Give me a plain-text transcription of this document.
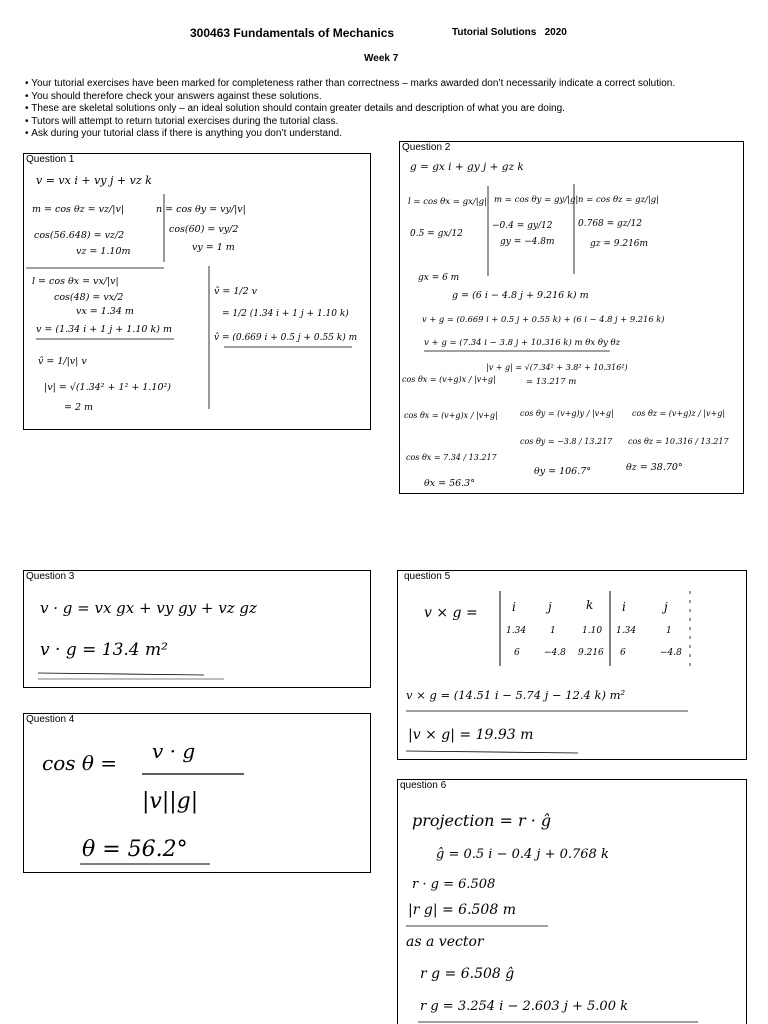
300463 Fundamentals of Mechanics	Tutorial Solutions   2020
Week 7
• Your tutorial exercises have been marked for completeness rather than correctness – marks awarded don’t necessarily indicate a correct solution.
• You should therefore check your answers against these solutions.
• These are skeletal solutions only – an ideal solution should contain greater details and description of what you are doing.
• Tutors will attempt to return tutorial exercises during the tutorial class.
• Ask during your tutorial class if there is anything you don’t understand.
Question 1
v = vx i + vy j + vz k
m = cos θz = vz/|v|
cos(56.648) = vz/2
vz = 1.10m
n = cos θy = vy/|v|
cos(60) = vy/2
vy = 1 m
l = cos θx = vx/|v|
cos(48) = vx/2
vx = 1.34 m
v = (1.34 i + 1 j + 1.10 k) m
v̂ = 1/|v| v
|v| = √(1.34² + 1² + 1.10²)
= 2 m
v̂ = 1/2 v
= 1/2 (1.34 i + 1 j + 1.10 k)
v̂ = (0.669 i + 0.5 j + 0.55 k) m
Question 2
g = gx i + gy j + gz k
l = cos θx = gx/|g|
0.5 = gx/12
gx = 6 m
m = cos θy = gy/|g|
−0.4 = gy/12
gy = −4.8m
n = cos θz = gz/|g|
0.768 = gz/12
gz = 9.216m
g = (6 i − 4.8 j + 9.216 k) m
v + g = (0.669 i + 0.5 j + 0.55 k) + (6 i − 4.8 j + 9.216 k)
v + g = (7.34 i − 3.8 j + 10.316 k) m θx θy θz
cos θx = (v+g)x / |v+g|
|v + g| = √(7.34² + 3.8² + 10.316²)
= 13.217 m
cos θx = (v+g)x / |v+g|	cos θy = (v+g)y / |v+g| cos θz = (v+g)z / |v+g|
cos θx = 7.34 / 13.217
cos θy = −3.8 / 13.217 cos θz = 10.316 / 13.217
θx = 56.3°
θy = 106.7°	θz = 38.70°
Question 3
v · g = vx gx + vy gy + vz gz
v · g = 13.4 m²
Question 4
cos θ = v · g
|v||g|
θ = 56.2°
question 5
v × g =	i	j	k
1.34	1	1.10
6	−4.8 9.216
i	j
1.34	1
6	−4.8
v × g = (14.51 i − 5.74 j − 12.4 k) m²
|v × g| = 19.93 m
question 6
projection = r · ĝ
ĝ = 0.5 i − 0.4 j + 0.768 k
r · g = 6.508
|r g| = 6.508 m
as a vector
r g = 6.508 ĝ
r g = 3.254 i − 2.603 j + 5.00 k
